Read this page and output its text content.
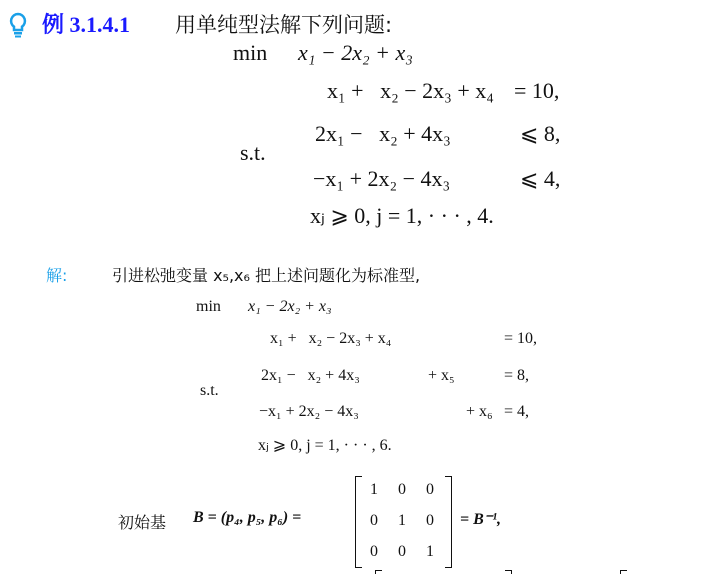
例 3.1.4.1 用单纯型法解下列问题:
min x₁ − 2x₂ + x₃
s.t.
x₁ +   x₂ − 2x₃ + x₄ = 10,
2x₁ −   x₂ + 4x₃	⩽ 8,
−x₁ + 2x₂ − 4x₃	⩽ 4,
xⱼ ⩾ 0, j = 1, · · · , 4.
解:	引进松弛变量 x₅,x₆ 把上述问题化为标准型,
min x₁ − 2x₂ + x₃
s.t.
x₁ +   x₂ − 2x₃ + x₄	= 10,
2x₁ −   x₂ + 4x₃	+ x₅	= 8,
−x₁ + 2x₂ − 4x₃	+ x₆ = 4,
xⱼ ⩾ 0, j = 1, · · · , 6.
初始基 B = (p₄, p₅, p₆) =
1 0 0
0 1 0
0 0 1
= B⁻¹,
